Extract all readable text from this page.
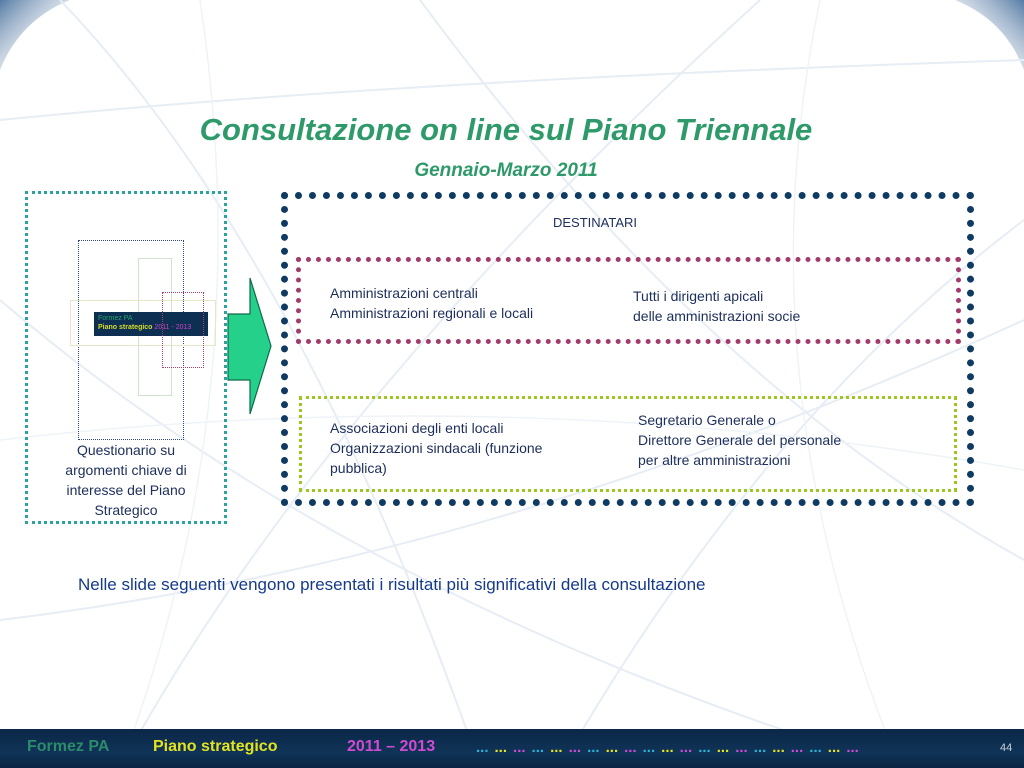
Consultazione on line sul Piano Triennale
Gennaio-Marzo 2011
Formez PA
Piano strategico 2011 - 2013
Questionario su
argomenti chiave di
interesse del Piano
Strategico
DESTINATARI
Amministrazioni centrali
Amministrazioni regionali e locali
Tutti i dirigenti apicali
delle amministrazioni socie
Associazioni degli enti locali
Organizzazioni sindacali (funzione
pubblica)
Segretario Generale o
Direttore Generale del personale
per altre amministrazioni
Nelle slide seguenti vengono presentati i risultati più significativi della consultazione
Formez PA	Piano strategico	2011 – 2013	... ... ... ... ... ... ... ... ... ... ... ... ... ... ... ... ... ... ... ... ...	44
